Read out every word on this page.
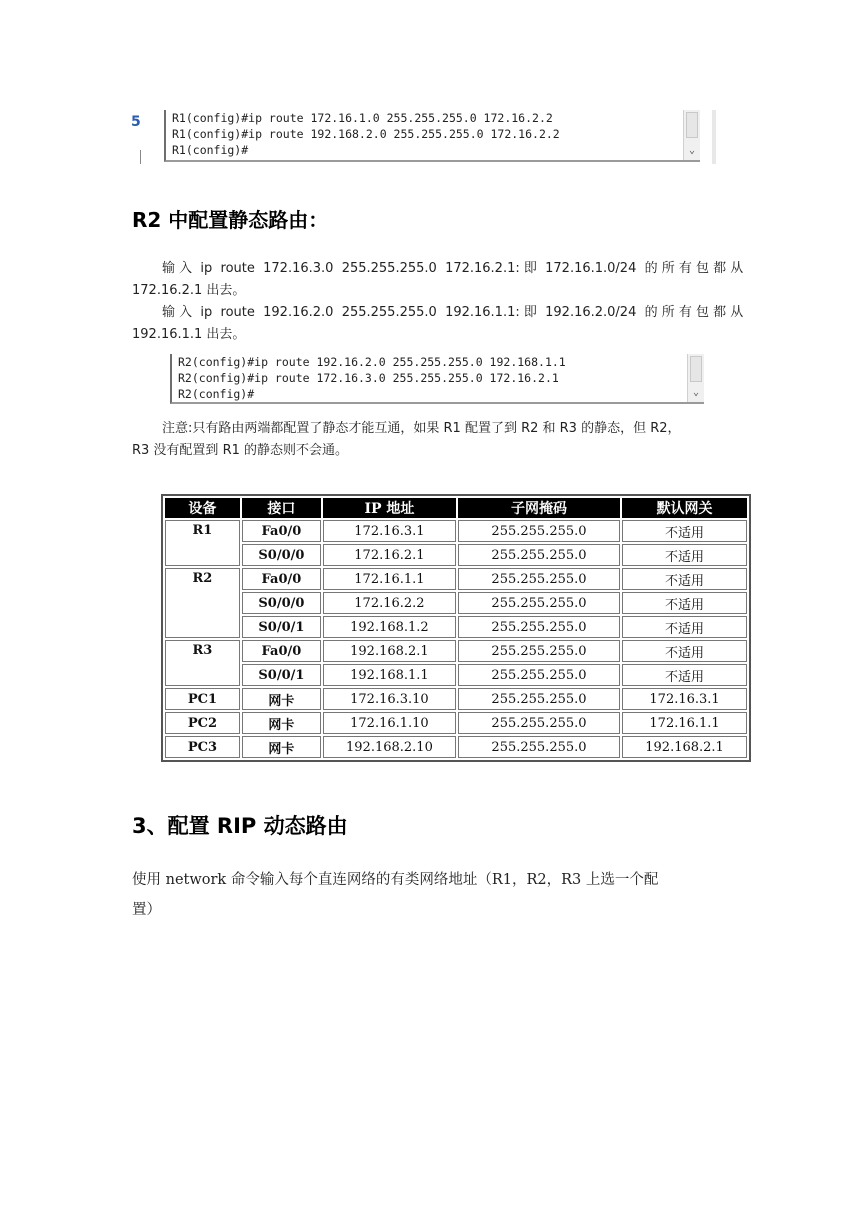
5	R1(config)#ip route 172.16.1.0 255.255.255.0 172.16.2.2
R1(config)#ip route 192.168.2.0 255.255.255.0 172.16.2.2
R1(config)#	⌄
R2 中配置静态路由：
输 入  ip  route  172.16.3.0  255.255.255.0  172.16.2.1: 即  172.16.1.0/24  的 所 有 包 都 从
172.16.2.1 出去。
输 入  ip  route  192.16.2.0  255.255.255.0  192.16.1.1: 即  192.16.2.0/24  的 所 有 包 都 从
192.16.1.1 出去。
R2(config)#ip route 192.16.2.0 255.255.255.0 192.168.1.1
R2(config)#ip route 172.16.3.0 255.255.255.0 172.16.2.1
R2(config)#	⌄
注意:只有路由两端都配置了静态才能互通，如果 R1 配置了到 R2 和 R3 的静态，但 R2，
R3 没有配置到 R1 的静态则不会通。
设备	接口	IP 地址	子网掩码	默认网关
R1	Fa0/0	172.16.3.1	255.255.255.0	不适用
	S0/0/0	172.16.2.1	255.255.255.0	不适用
R2	Fa0/0	172.16.1.1	255.255.255.0	不适用
	S0/0/0	172.16.2.2	255.255.255.0	不适用
	S0/0/1	192.168.1.2	255.255.255.0	不适用
R3	Fa0/0	192.168.2.1	255.255.255.0	不适用
	S0/0/1	192.168.1.1	255.255.255.0	不适用
PC1	网卡	172.16.3.10	255.255.255.0	172.16.3.1
PC2	网卡	172.16.1.10	255.255.255.0	172.16.1.1
PC3	网卡	192.168.2.10	255.255.255.0	192.168.2.1
3、配置 RIP 动态路由
使用 network 命令输入每个直连网络的有类网络地址（R1，R2，R3 上选一个配
置）
